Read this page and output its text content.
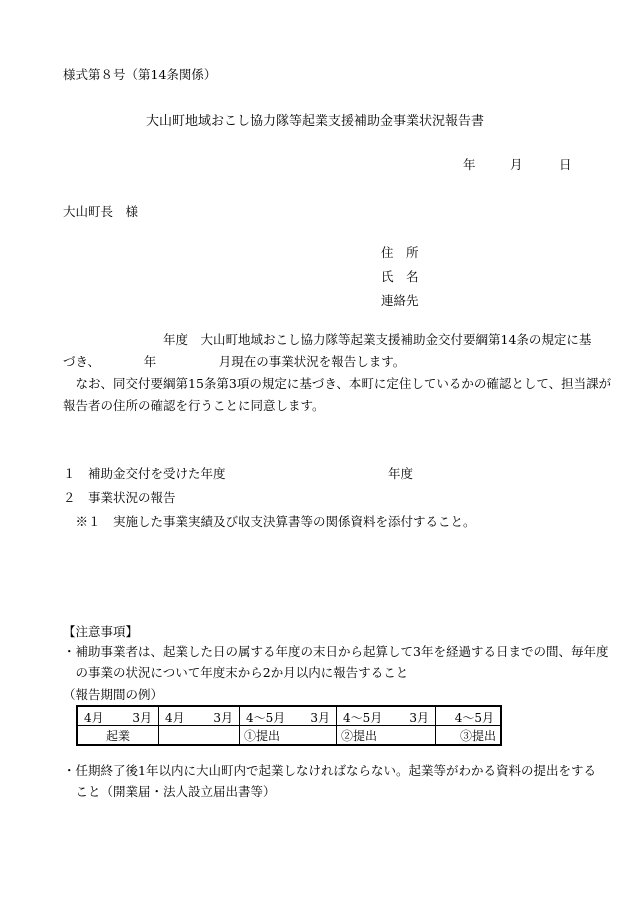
様式第８号（第14条関係）
大山町地域おこし協力隊等起業支援補助金事業状況報告書
年	月	日
大山町長　様
住　所
氏　名
連絡先

　　　　　　　　年度　大山町地域おこし協力隊等起業支援補助金交付要綱第14条の規定に基

づき、　　　　年　　　　　月現在の事業状況を報告します。

　なお、同交付要綱第15条第3項の規定に基づき、本町に定住しているかの確認として、担当課が

報告者の住所の確認を行うことに同意します。

１　補助金交付を受けた年度　　　　　　　　　　　　　年度
２　事業状況の報告
　※１　実施した事業実績及び収支決算書等の関係資料を添付すること。
【注意事項】
・補助事業者は、起業した日の属する年度の末日から起算して3年を経過する日までの間、毎年度
　の事業の状況について年度末から2か月以内に報告すること
（報告期間の例）
4月 3月	4月 3月	4～5月 3月	4～5月 3月	4～5月

起業		①提出	②提出	③提出
・任期終了後1年以内に大山町内で起業しなければならない。起業等がわかる資料の提出をする
　こと（開業届・法人設立届出書等）
